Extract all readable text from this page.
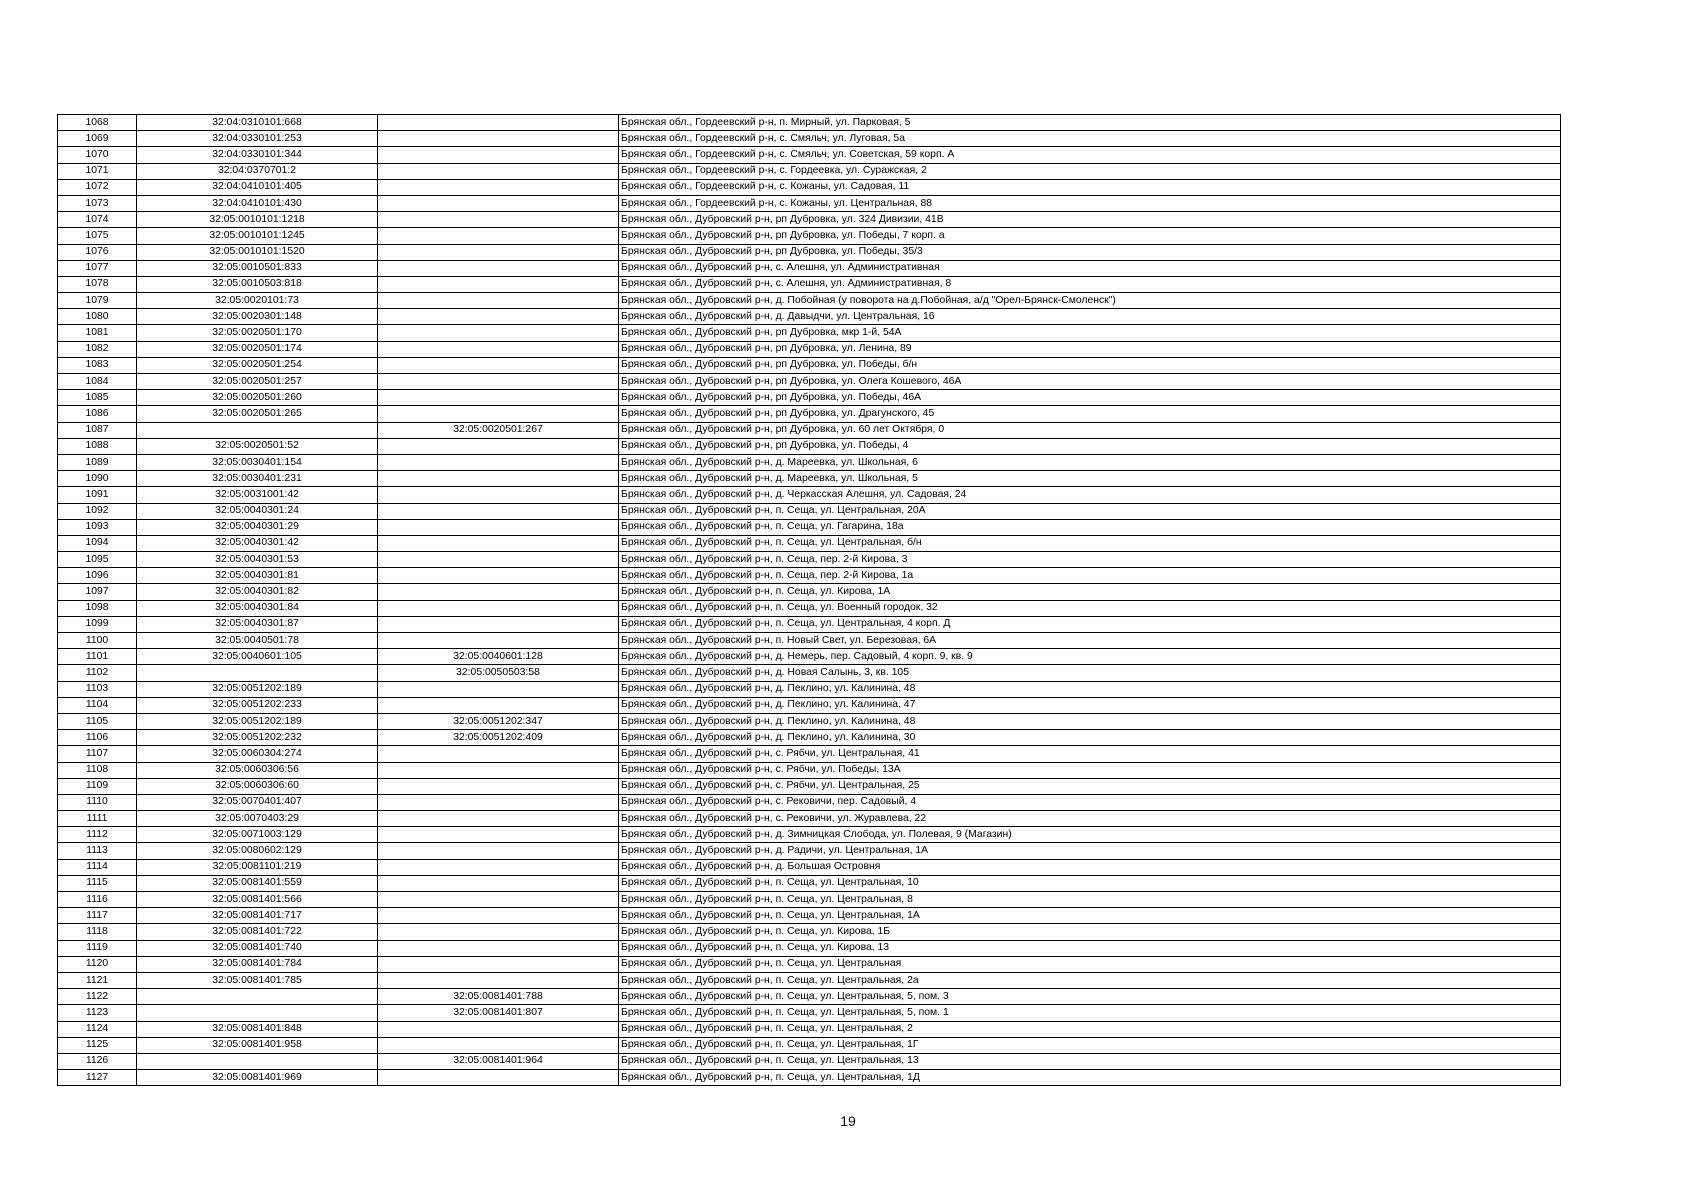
1068	32:04:0310101:668		Брянская обл., Гордеевский р-н, п. Мирный, ул. Парковая, 5
1069	32:04:0330101:253		Брянская обл., Гордеевский р-н, с. Смяльч, ул. Луговая, 5а
1070	32:04:0330101:344		Брянская обл., Гордеевский р-н, с. Смяльч, ул. Советская, 59 корп. А
1071	32:04:0370701:2		Брянская обл., Гордеевский р-н, с. Гордеевка, ул. Суражская, 2
1072	32:04:0410101:405		Брянская обл., Гордеевский р-н, с. Кожаны, ул. Садовая, 11
1073	32:04:0410101:430		Брянская обл., Гордеевский р-н, с. Кожаны, ул. Центральная, 88
1074	32:05:0010101:1218		Брянская обл., Дубровский р-н, рп Дубровка, ул. 324 Дивизии, 41В
1075	32:05:0010101:1245		Брянская обл., Дубровский р-н, рп Дубровка, ул. Победы, 7 корп. а
1076	32:05:0010101:1520		Брянская обл., Дубровский р-н, рп Дубровка, ул. Победы, 35/3
1077	32:05:0010501:833		Брянская обл., Дубровский р-н, с. Алешня, ул. Административная
1078	32:05:0010503:818		Брянская обл., Дубровский р-н, с. Алешня, ул. Административная, 8
1079	32:05:0020101:73		Брянская обл., Дубровский р-н, д. Побойная (у поворота на д.Побойная, а/д "Орел-Брянск-Смоленск")
1080	32:05:0020301:148		Брянская обл., Дубровский р-н, д. Давыдчи, ул. Центральная, 16
1081	32:05:0020501:170		Брянская обл., Дубровский р-н, рп Дубровка, мкр 1-й, 54А
1082	32:05:0020501:174		Брянская обл., Дубровский р-н, рп Дубровка, ул. Ленина, 89
1083	32:05:0020501:254		Брянская обл., Дубровский р-н, рп Дубровка, ул. Победы, б/н
1084	32:05:0020501:257		Брянская обл., Дубровский р-н, рп Дубровка, ул. Олега Кошевого, 46А
1085	32:05:0020501:260		Брянская обл., Дубровский р-н, рп Дубровка, ул. Победы, 46А
1086	32:05:0020501:265		Брянская обл., Дубровский р-н, рп Дубровка, ул. Драгунского, 45
1087		32:05:0020501:267	Брянская обл., Дубровский р-н, рп Дубровка, ул. 60 лет Октября, 0
1088	32:05:0020501:52		Брянская обл., Дубровский р-н, рп Дубровка, ул. Победы, 4
1089	32:05:0030401:154		Брянская обл., Дубровский р-н, д. Мареевка, ул. Школьная, 6
1090	32:05:0030401:231		Брянская обл., Дубровский р-н, д. Мареевка, ул. Школьная, 5
1091	32:05:0031001:42		Брянская обл., Дубровский р-н, д. Черкасская Алешня, ул. Садовая, 24
1092	32:05:0040301:24		Брянская обл., Дубровский р-н, п. Сеща, ул. Центральная, 20А
1093	32:05:0040301:29		Брянская обл., Дубровский р-н, п. Сеща, ул. Гагарина, 18а
1094	32:05:0040301:42		Брянская обл., Дубровский р-н, п. Сеща, ул. Центральная, б/н
1095	32:05:0040301:53		Брянская обл., Дубровский р-н, п. Сеща, пер. 2-й Кирова, 3
1096	32:05:0040301:81		Брянская обл., Дубровский р-н, п. Сеща, пер. 2-й Кирова, 1а
1097	32:05:0040301:82		Брянская обл., Дубровский р-н, п. Сеща, ул. Кирова, 1А
1098	32:05:0040301:84		Брянская обл., Дубровский р-н, п. Сеща, ул. Военный городок, 32
1099	32:05:0040301:87		Брянская обл., Дубровский р-н, п. Сеща, ул. Центральная, 4 корп. Д
1100	32:05:0040501:78		Брянская обл., Дубровский р-н, п. Новый Свет, ул. Березовая, 6А
1101	32:05:0040601:105	32:05:0040601:128	Брянская обл., Дубровский р-н, д. Немерь, пер. Садовый, 4 корп. 9, кв. 9
1102		32:05:0050503:58	Брянская обл., Дубровский р-н, д. Новая Салынь, 3, кв. 105
1103	32:05:0051202:189		Брянская обл., Дубровский р-н, д. Пеклино, ул. Калинина, 48
1104	32:05:0051202:233		Брянская обл., Дубровский р-н, д. Пеклино, ул. Калинина, 47
1105	32:05:0051202:189	32:05:0051202:347	Брянская обл., Дубровский р-н, д. Пеклино, ул. Калинина, 48
1106	32:05:0051202:232	32:05:0051202:409	Брянская обл., Дубровский р-н, д. Пеклино, ул. Калинина, 30
1107	32:05:0060304:274		Брянская обл., Дубровский р-н, с. Рябчи, ул. Центральная, 41
1108	32:05:0060306:56		Брянская обл., Дубровский р-н, с. Рябчи, ул. Победы, 13А
1109	32:05:0060306:60		Брянская обл., Дубровский р-н, с. Рябчи, ул. Центральная, 25
1110	32:05:0070401:407		Брянская обл., Дубровский р-н, с. Рековичи, пер. Садовый, 4
1111	32:05:0070403:29		Брянская обл., Дубровский р-н, с. Рековичи, ул. Журавлева, 22
1112	32:05:0071003:129		Брянская обл., Дубровский р-н, д. Зимницкая Слобода, ул. Полевая, 9 (Магазин)
1113	32:05:0080602:129		Брянская обл., Дубровский р-н, д. Радичи, ул. Центральная, 1А
1114	32:05:0081101:219		Брянская обл., Дубровский р-н, д. Большая Островня
1115	32:05:0081401:559		Брянская обл., Дубровский р-н, п. Сеща, ул. Центральная, 10
1116	32:05:0081401:566		Брянская обл., Дубровский р-н, п. Сеща, ул. Центральная, 8
1117	32:05:0081401:717		Брянская обл., Дубровский р-н, п. Сеща, ул. Центральная, 1А
1118	32:05:0081401:722		Брянская обл., Дубровский р-н, п. Сеща, ул. Кирова, 1Б
1119	32:05:0081401:740		Брянская обл., Дубровский р-н, п. Сеща, ул. Кирова, 13
1120	32:05:0081401:784		Брянская обл., Дубровский р-н, п. Сеща, ул. Центральная
1121	32:05:0081401:785		Брянская обл., Дубровский р-н, п. Сеща, ул. Центральная, 2а
1122		32:05:0081401:788	Брянская обл., Дубровский р-н, п. Сеща, ул. Центральная, 5, пом. 3
1123		32:05:0081401:807	Брянская обл., Дубровский р-н, п. Сеща, ул. Центральная, 5, пом. 1
1124	32:05:0081401:848		Брянская обл., Дубровский р-н, п. Сеща, ул. Центральная, 2
1125	32:05:0081401:958		Брянская обл., Дубровский р-н, п. Сеща, ул. Центральная, 1Г
1126		32:05:0081401:964	Брянская обл., Дубровский р-н, п. Сеща, ул. Центральная, 13
1127	32:05:0081401:969		Брянская обл., Дубровский р-н, п. Сеща, ул. Центральная, 1Д
19
